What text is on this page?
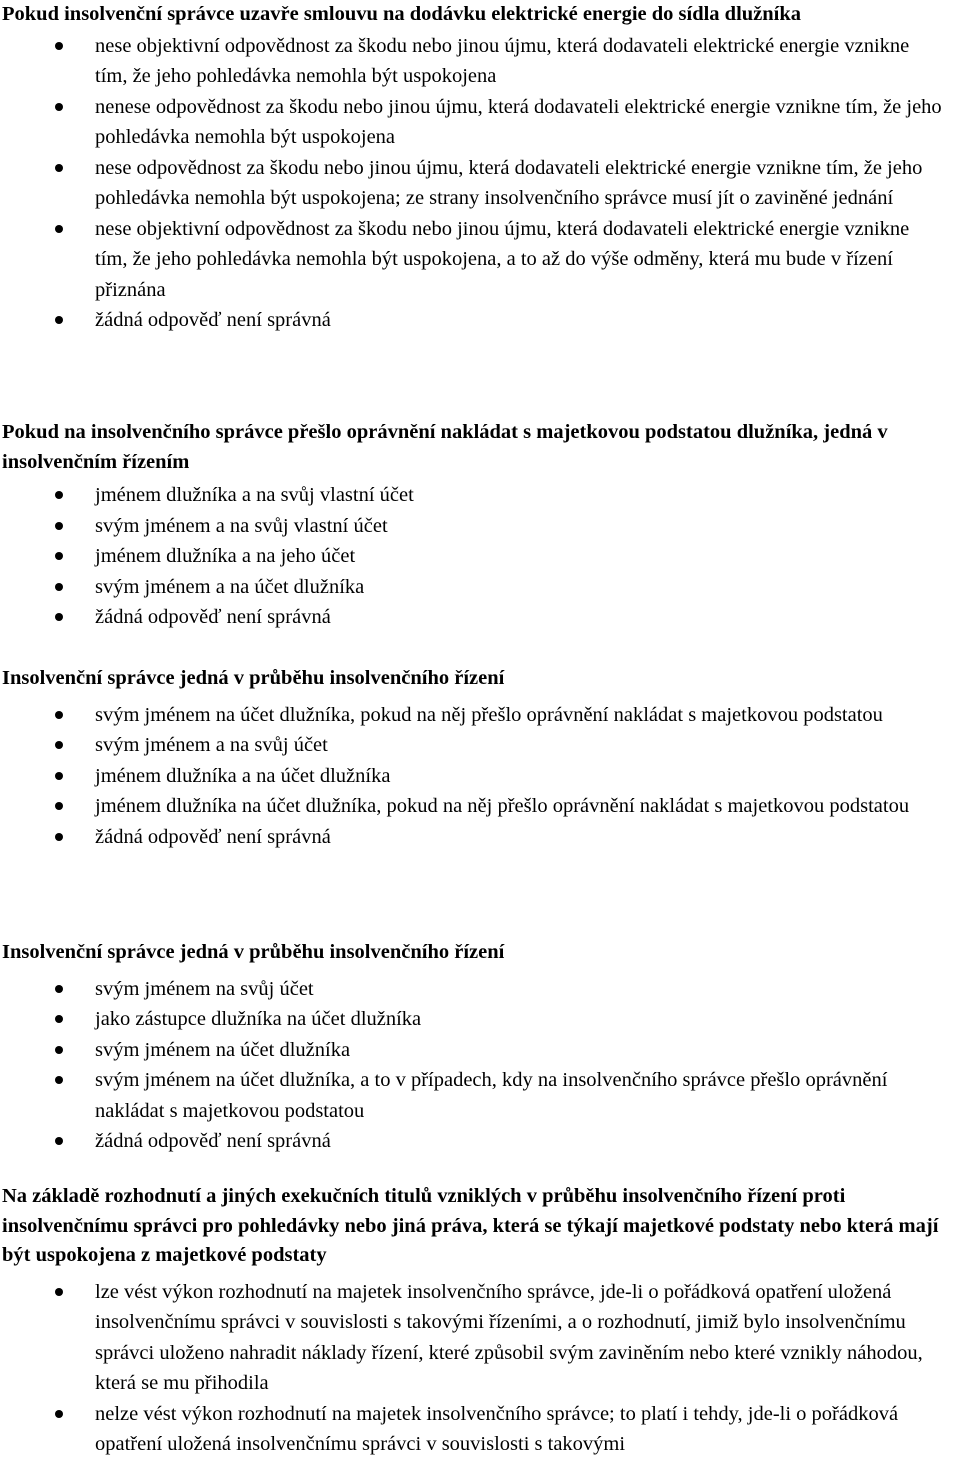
Pokud insolvenční správce uzavře smlouvu na dodávku elektrické energie do sídla dlužníka

nese objektivní odpovědnost za škodu nebo jinou újmu, která dodavateli elektrické energie vznikne tím, že jeho pohledávka nemohla být uspokojena
nenese odpovědnost za škodu nebo jinou újmu, která dodavateli elektrické energie vznikne tím, že jeho pohledávka nemohla být uspokojena
nese odpovědnost za škodu nebo jinou újmu, která dodavateli elektrické energie vznikne tím, že jeho pohledávka nemohla být uspokojena; ze strany insolvenčního správce musí jít o zaviněné jednání
nese objektivní odpovědnost za škodu nebo jinou újmu, která dodavateli elektrické energie vznikne tím, že jeho pohledávka nemohla být uspokojena, a to až do výše odměny, která mu bude v řízení přiznána
žádná odpověď není správná

Pokud na insolvenčního správce přešlo oprávnění nakládat s majetkovou podstatou dlužníka, jedná v insolvenčním řízením

jménem dlužníka a na svůj vlastní účet
svým jménem a na svůj vlastní účet
jménem dlužníka a na jeho účet
svým jménem a na účet dlužníka
žádná odpověď není správná

Insolvenční správce jedná v průběhu insolvenčního řízení

svým jménem na účet dlužníka, pokud na něj přešlo oprávnění nakládat s majetkovou podstatou
svým jménem a na svůj účet
jménem dlužníka a na účet dlužníka
jménem dlužníka na účet dlužníka, pokud na něj přešlo oprávnění nakládat s majetkovou podstatou
žádná odpověď není správná

Insolvenční správce jedná v průběhu insolvenčního řízení

svým jménem na svůj účet
jako zástupce dlužníka na účet dlužníka
svým jménem na účet dlužníka
svým jménem na účet dlužníka, a to v případech, kdy na insolvenčního správce přešlo oprávnění nakládat s majetkovou podstatou
žádná odpověď není správná

Na základě rozhodnutí a jiných exekučních titulů vzniklých v průběhu insolvenčního řízení proti insolvenčnímu správci pro pohledávky nebo jiná práva, která se týkají majetkové podstaty nebo která mají být uspokojena z majetkové podstaty

lze vést výkon rozhodnutí na majetek insolvenčního správce, jde-li o pořádková opatření uložená insolvenčnímu správci v souvislosti s takovými řízeními, a o rozhodnutí, jimiž bylo insolvenčnímu správci uloženo nahradit náklady řízení, které způsobil svým zaviněním nebo které vznikly náhodou, která se mu přihodila
nelze vést výkon rozhodnutí na majetek insolvenčního správce; to platí i tehdy, jde-li o pořádková opatření uložená insolvenčnímu správci v souvislosti s takovými
